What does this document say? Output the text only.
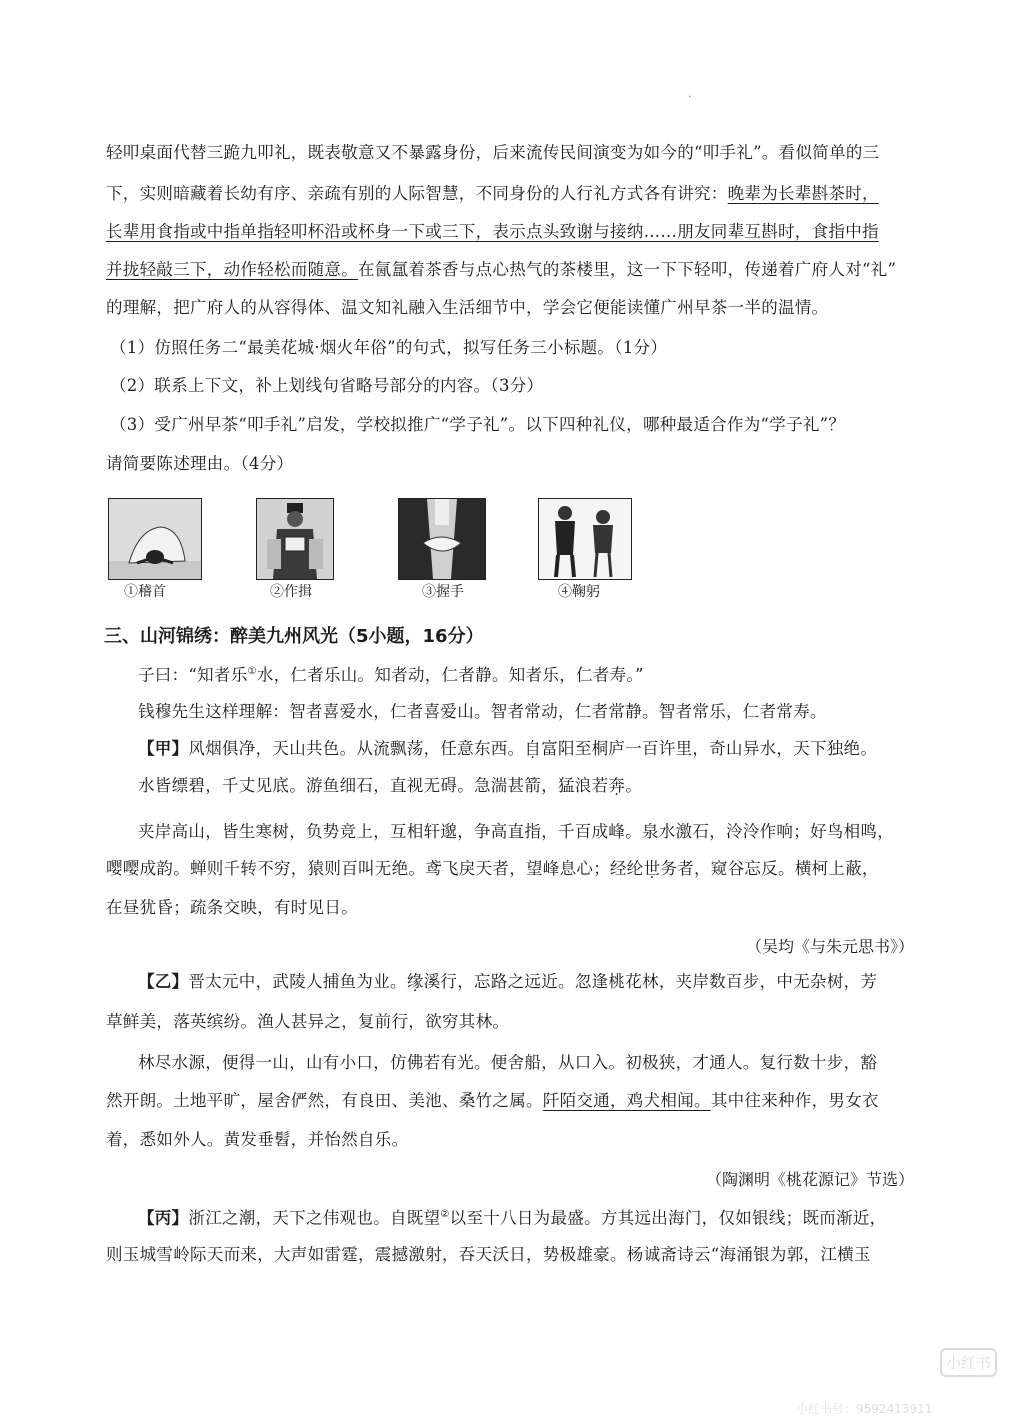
·
轻叩桌面代替三跪九叩礼，既表敬意又不暴露身份，后来流传民间演变为如今的“叩手礼”。看似简单的三
下，实则暗藏着长幼有序、亲疏有别的人际智慧，不同身份的人行礼方式各有讲究：晚辈为长辈斟茶时，
长辈用食指或中指单指轻叩杯沿或杯身一下或三下，表示点头致谢与接纳……朋友同辈互斟时，食指中指
并拢轻敲三下，动作轻松而随意。在氤氲着茶香与点心热气的茶楼里，这一下下轻叩，传递着广府人对“礼”
的理解，把广府人的从容得体、温文知礼融入生活细节中，学会它便能读懂广州早茶一半的温情。
（1）仿照任务二“最美花城·烟火年俗”的句式，拟写任务三小标题。（1分）
（2）联系上下文，补上划线句省略号部分的内容。（3分）
（3）受广州早茶“叩手礼”启发，学校拟推广“学子礼”。以下四种礼仪，哪种最适合作为“学子礼”？
请简要陈述理由。（4分）
①稽首	②作揖	③握手	④鞠躬
三、山河锦绣：醉美九州风光（5小题，16分）
子曰：“知者乐①水，仁者乐山。知者动，仁者静。知者乐，仁者寿。”
钱穆先生这样理解：智者喜爱水，仁者喜爱山。智者常动，仁者常静。智者常乐，仁者常寿。
【甲】风烟俱净，天山共色。从流飘荡，任意东西。自富阳至桐庐一百许里，奇山异水，天下独绝。
水皆缥碧，千丈见底。游鱼细石，直视无碍。急湍甚箭，猛浪若奔。
夹岸高山，皆生寒树，负势竞上，互相轩邈，争高直指，千百成峰。泉水激石，泠泠作响；好鸟相鸣，
嘤嘤成韵。蝉则千转不穷，猿则百叫无绝。鸢飞戾天者，望峰息心；经纶世务者，窥谷忘反。横柯上蔽，
在昼犹昏；疏条交映，有时见日。
（吴均《与朱元思书》）
【乙】晋太元中，武陵人捕鱼为业。缘溪行，忘路之远近。忽逢桃花林，夹岸数百步，中无杂树，芳
草鲜美，落英缤纷。渔人甚异之，复前行，欲穷其林。
林尽水源，便得一山，山有小口，仿佛若有光。便舍船，从口入。初极狭，才通人。复行数十步，豁
然开朗。土地平旷，屋舍俨然，有良田、美池、桑竹之属。阡陌交通，鸡犬相闻。其中往来种作，男女衣
着，悉如外人。黄发垂髫，并怡然自乐。
（陶渊明《桃花源记》节选）
【丙】浙江之潮，天下之伟观也。自既望②以至十八日为最盛。方其远出海门，仅如银线；既而渐近，
则玉城雪岭际天而来，大声如雷霆，震撼激射，吞天沃日，势极雄豪。杨诚斋诗云“海涌银为郭，江横玉
小红书
小红书号：9592413911
